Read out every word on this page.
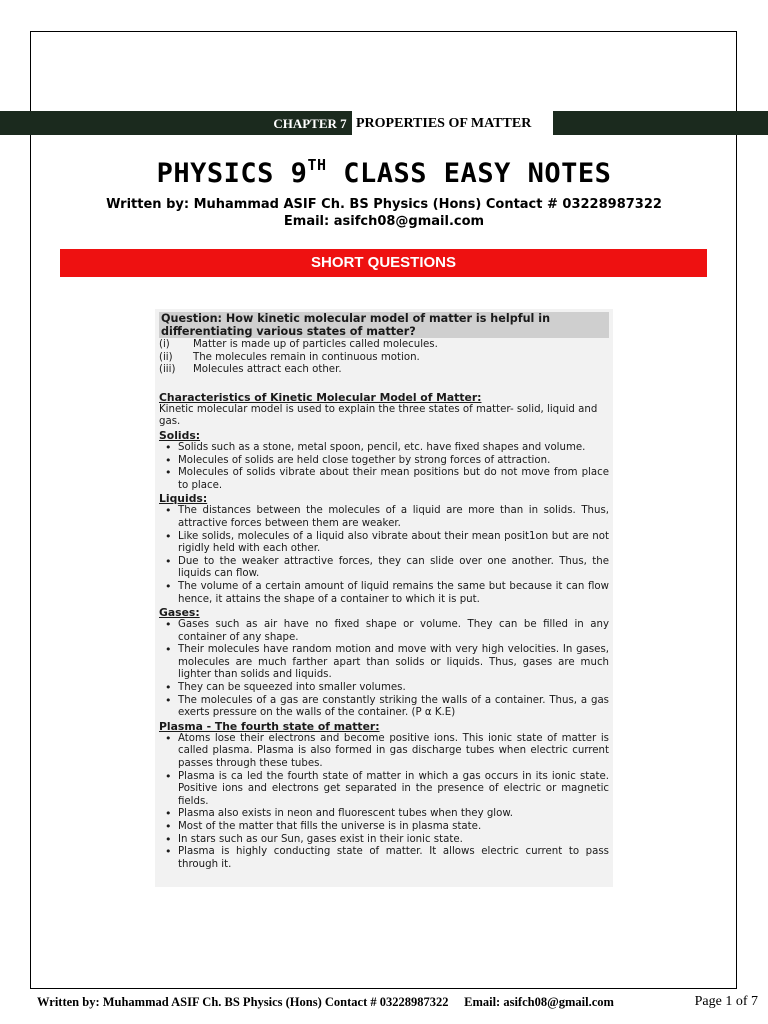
CHAPTER 7 PROPERTIES OF MATTER
PHYSICS 9TH CLASS EASY NOTES
Written by: Muhammad ASIF Ch. BS Physics (Hons) Contact # 03228987322
Email: asifch08@gmail.com
SHORT QUESTIONS
Question: How kinetic molecular model of matter is helpful in differentiating various states of matter?
(i)	Matter is made up of particles called molecules.
(ii)	The molecules remain in continuous motion.
(iii)	Molecules attract each other.
Characteristics of Kinetic Molecular Model of Matter:

Kinetic molecular model is used to explain the three states of matter- solid, liquid and gas.

Solids:
• Solids such as a stone, metal spoon, pencil, etc. have fixed shapes and volume.
• Molecules of solids are held close together by strong forces of attraction.
• Molecules of solids vibrate about their mean positions but do not move from place to place.
Liquids:
• The distances between the molecules of a liquid are more than in solids. Thus, attractive forces between them are weaker.
• Like solids, molecules of a liquid also vibrate about their mean posit1on but are not rigidly held with each other.
• Due to the weaker attractive forces, they can slide over one another. Thus, the liquids can flow.
• The volume of a certain amount of liquid remains the same but because it can flow hence, it attains the shape of a container to which it is put.
Gases:
• Gases such as air have no fixed shape or volume. They can be filled in any container of any shape.
• Their molecules have random motion and move with very high velocities. In gases, molecules are much farther apart than solids or liquids. Thus, gases are much lighter than solids and liquids.
• They can be squeezed into smaller volumes.
• The molecules of a gas are constantly striking the walls of a container. Thus, a gas exerts pressure on the walls of the container. (P α K.E)
Plasma - The fourth state of matter:
• Atoms lose their electrons and become positive ions. This ionic state of matter is called plasma. Plasma is also formed in gas discharge tubes when electric current passes through these tubes.
• Plasma is ca led the fourth state of matter in which a gas occurs in its ionic state. Positive ions and electrons get separated in the presence of electric or magnetic fields.
• Plasma also exists in neon and fluorescent tubes when they glow.
• Most of the matter that fills the universe is in plasma state.
• In stars such as our Sun, gases exist in their ionic state.
• Plasma is highly conducting state of matter. It allows electric current to pass through it.
Written by: Muhammad ASIF Ch. BS Physics (Hons) Contact # 03228987322     Email: asifch08@gmail.com	Page 1 of 7
